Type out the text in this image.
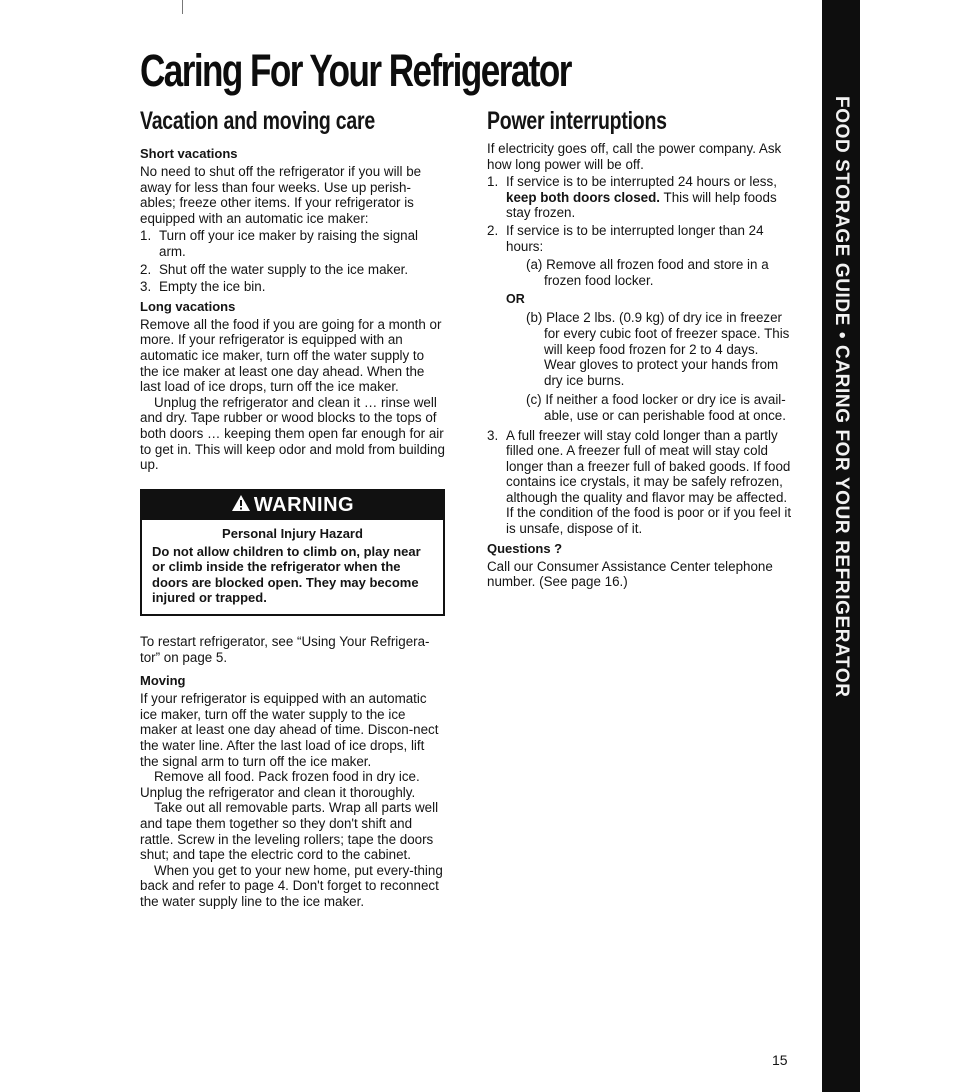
Caring For Your Refrigerator
Vacation and moving care
Short vacations

No need to shut off the refrigerator if you will be away for less than four weeks. Use up perish-ables; freeze other items. If your refrigerator is equipped with an automatic ice maker:

1. Turn off your ice maker by raising the signal arm.
2. Shut off the water supply to the ice maker.
3. Empty the ice bin.
Long vacations

Remove all the food if you are going for a month or more. If your refrigerator is equipped with an automatic ice maker, turn off the water supply to the ice maker at least one day ahead. When the last load of ice drops, turn off the ice maker.

Unplug the refrigerator and clean it … rinse well and dry. Tape rubber or wood blocks to the tops of both doors … keeping them open far enough for air to get in. This will keep odor and mold from building up.

WARNING
Personal Injury Hazard

Do not allow children to climb on, play near or climb inside the refrigerator when the doors are blocked open. They may become injured or trapped.

To restart refrigerator, see “Using Your Refrigera-tor” on page 5.

Moving

If your refrigerator is equipped with an automatic ice maker, turn off the water supply to the ice maker at least one day ahead of time. Discon-nect the water line. After the last load of ice drops, lift the signal arm to turn off the ice maker.

Remove all food. Pack frozen food in dry ice.

Unplug the refrigerator and clean it thoroughly.

Take out all removable parts. Wrap all parts well and tape them together so they don't shift and rattle. Screw in the leveling rollers; tape the doors shut; and tape the electric cord to the cabinet.

When you get to your new home, put every-thing back and refer to page 4. Don't forget to reconnect the water supply line to the ice maker.

Power interruptions

If electricity goes off, call the power company. Ask how long power will be off.

1. If service is to be interrupted 24 hours or less, keep both doors closed. This will help foods stay frozen.
2. If service is to be interrupted longer than 24 hours:
(a) Remove all frozen food and store in a frozen food locker.
OR
(b) Place 2 lbs. (0.9 kg) of dry ice in freezer for every cubic foot of freezer space. This will keep food frozen for 2 to 4 days. Wear gloves to protect your hands from dry ice burns.
(c) If neither a food locker or dry ice is avail-able, use or can perishable food at once.
3. A full freezer will stay cold longer than a partly filled one. A freezer full of meat will stay cold longer than a freezer full of baked goods. If food contains ice crystals, it may be safely refrozen, although the quality and flavor may be affected. If the condition of the food is poor or if you feel it is unsafe, dispose of it.
Questions ?

Call our Consumer Assistance Center telephone number. (See page 16.)	FOOD STORAGE GUIDE • CARING FOR YOUR REFRIGERATOR

15
